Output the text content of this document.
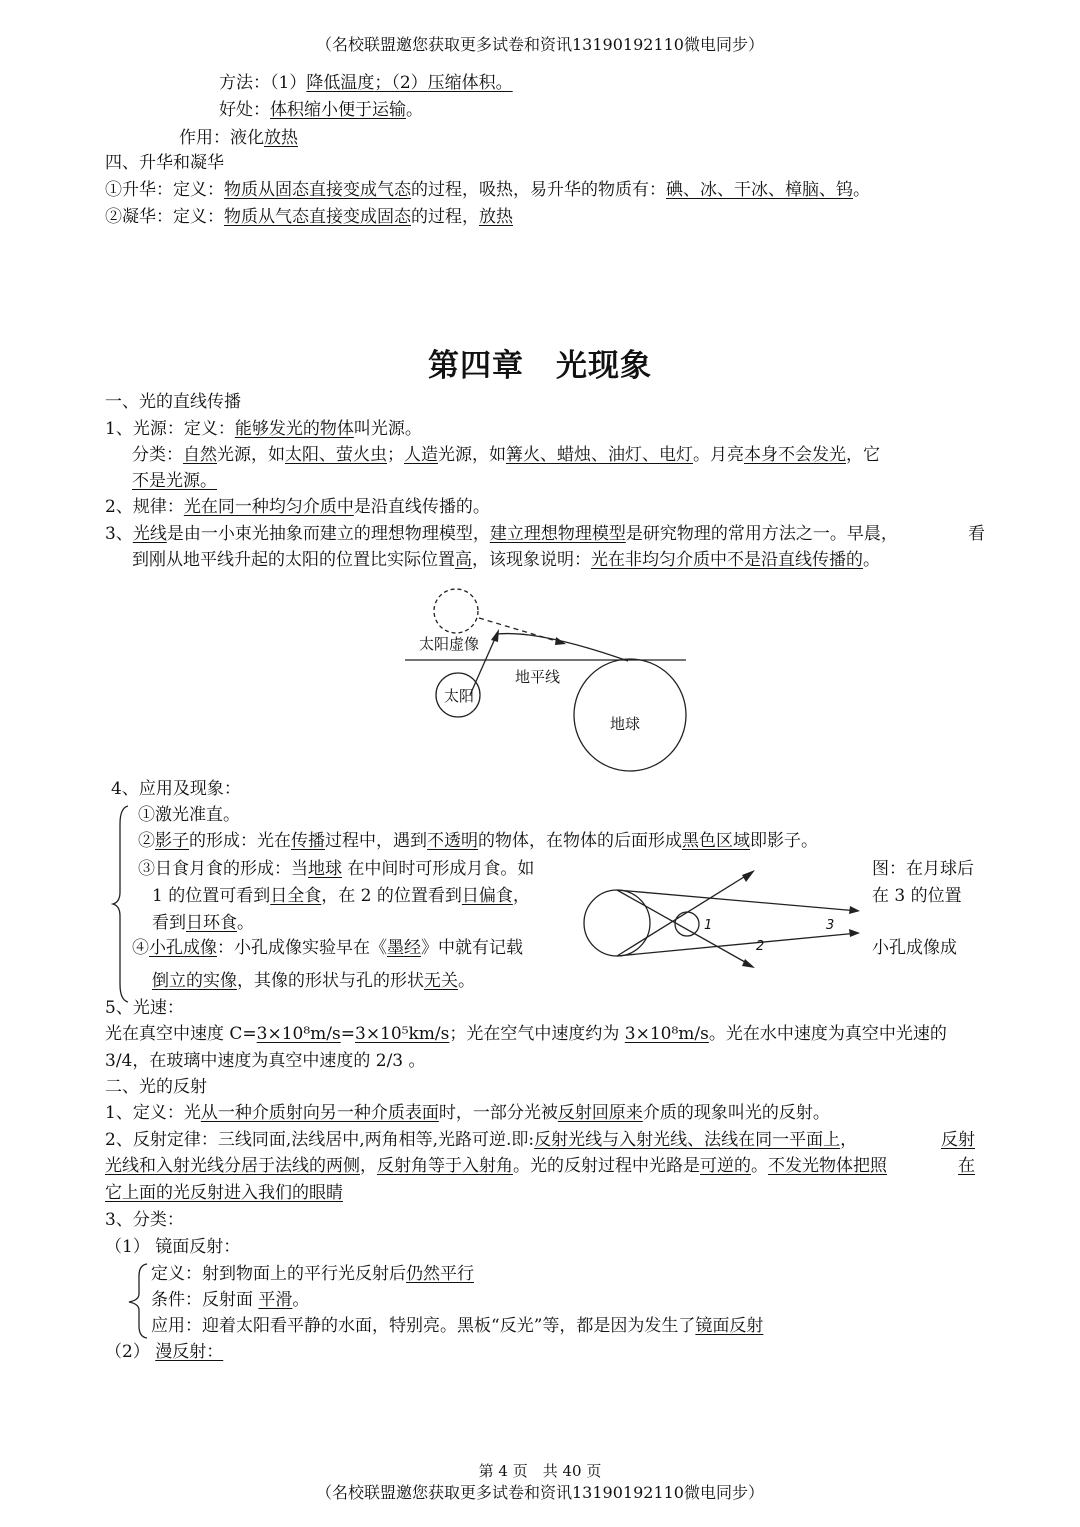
（名校联盟邀您获取更多试卷和资讯13190192110微电同步）
方法：（1）降低温度；（2）压缩体积。
好处：体积缩小便于运输。
作用：液化放热
四、升华和凝华
①升华：定义：物质从固态直接变成气态的过程，吸热，易升华的物质有：碘、冰、干冰、樟脑、钨。
②凝华：定义：物质从气态直接变成固态的过程，放热
第四章 光现象
一、光的直线传播
1、光源：定义：能够发光的物体叫光源。
分类：自然光源，如太阳、萤火虫；人造光源，如篝火、蜡烛、油灯、电灯。月亮本身不会发光，它
不是光源。
2、规律：光在同一种均匀介质中是沿直线传播的。
3、光线是由一小束光抽象而建立的理想物理模型，建立理想物理模型是研究物理的常用方法之一。早晨，	看
到刚从地平线升起的太阳的位置比实际位置高，该现象说明：光在非均匀介质中不是沿直线传播的。
太阳虚像
地平线
太阳
地球
4、应用及现象：
①激光准直。
②影子的形成：光在传播过程中，遇到不透明的物体，在物体的后面形成黑色区域即影子。
③日食月食的形成：当地球 在中间时可形成月食。如	图：在月球后
1 的位置可看到日全食，在 2 的位置看到日偏食，	在 3 的位置
看到日环食。
④小孔成像：小孔成像实验早在《墨经》中就有记载	小孔成像成
倒立的实像，其像的形状与孔的形状无关。
1
2
3
5、光速：
光在真空中速度 C=3×10⁸m/s=3×10⁵km/s；光在空气中速度约为 3×10⁸m/s。光在水中速度为真空中光速的
3/4，在玻璃中速度为真空中速度的 2/3 。
二、光的反射
1、定义：光从一种介质射向另一种介质表面时，一部分光被反射回原来介质的现象叫光的反射。
2、反射定律：三线同面,法线居中,两角相等,光路可逆.即:反射光线与入射光线、法线在同一平面上，	反射
光线和入射光线分居于法线的两侧，反射角等于入射角。光的反射过程中光路是可逆的。不发光物体把照	在
它上面的光反射进入我们的眼睛
3、分类：
（1） 镜面反射：
定义：射到物面上的平行光反射后仍然平行
条件：反射面 平滑。
应用：迎着太阳看平静的水面，特别亮。黑板“反光”等，都是因为发生了镜面反射
（2） 漫反射：
第 4 页　共 40 页
（名校联盟邀您获取更多试卷和资讯13190192110微电同步）
